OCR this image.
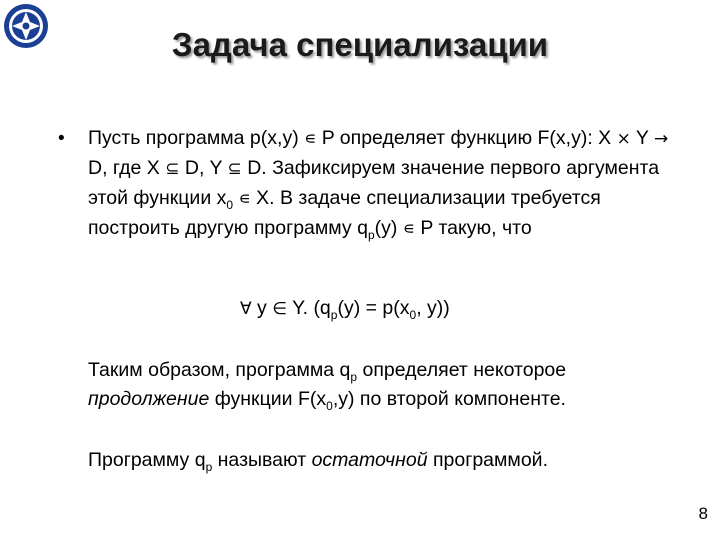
Задача специализации
• Пусть программа p(x,y) ∊ P определяет функцию F(x,y): X × Y → D, где X ⊆ D, Y ⊆ D. Зафиксируем значение первого аргумента этой функции $x_0$ ∊ X. В задаче специализации требуется построить другую программу $q_p(y)$ ∊ P такую, что
∀ y ∈ Y. ($q_p(y) = p(x_0$, y))
Таким образом, программа $q_p$ определяет некоторое продолжение функции $F(x_0,y)$ по второй компоненте.
Программу $q_p$ называют остаточной программой.
8
